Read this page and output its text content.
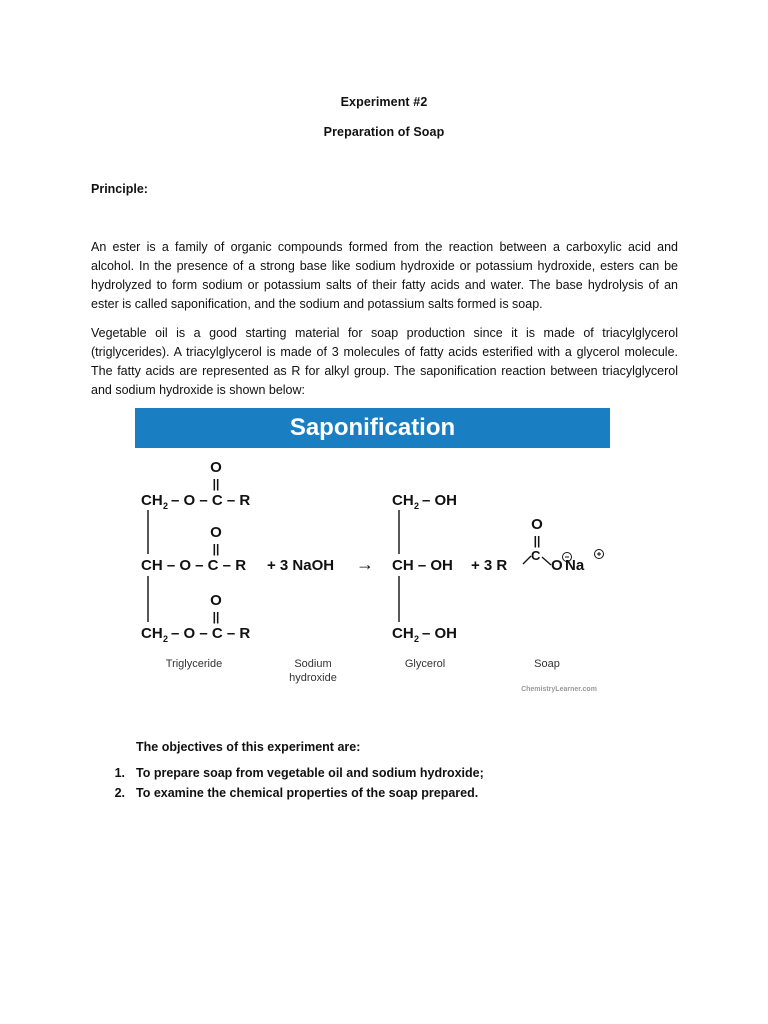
Experiment #2
Preparation of Soap
Principle:
An ester is a family of organic compounds formed from the reaction between a carboxylic acid and
alcohol. In the presence of a strong base like sodium hydroxide or potassium hydroxide, esters can be
hydrolyzed to form sodium or potassium salts of their fatty acids and water. The base hydrolysis of an
ester is called saponification, and the sodium and potassium salts formed is soap.
Vegetable oil is a good starting material for soap production since it is made of triacylglycerol
(triglycerides). A triacylglycerol is made of 3 molecules of fatty acids esterified with a glycerol molecule.
The fatty acids are represented as R for alkyl group. The saponification reaction between triacylglycerol
and sodium hydroxide is shown below:
Saponification
O
||
CH 2 – O – C – R
O
||
CH – O – C – R
O
||
CH 2 – O – C – R
+ 3 NaOH →
CH 2 – OH
CH – OH
CH 2 – OH
+ 3 R
O
||
C
O Na
Triglyceride	Sodium
hydroxide
Glycerol	Soap
ChemistryLearner.com
The objectives of this experiment are:
1. To prepare soap from vegetable oil and sodium hydroxide;
2. To examine the chemical properties of the soap prepared.
